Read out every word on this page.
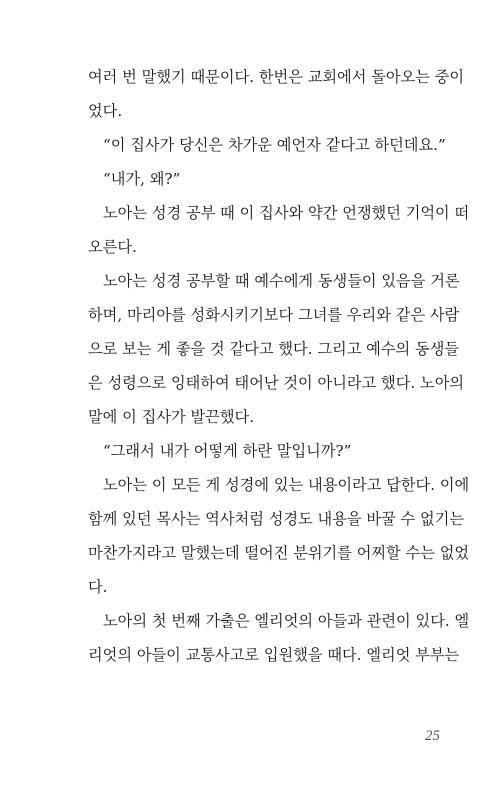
여러 번 말했기 때문이다. 한번은 교회에서 돌아오는 중이
었다.
“이 집사가 당신은 차가운 예언자 같다고 하던데요.”
“내가, 왜?”
노아는 성경 공부 때 이 집사와 약간 언쟁했던 기억이 떠
오른다.
노아는 성경 공부할 때 예수에게 동생들이 있음을 거론
하며, 마리아를 성화시키기보다 그녀를 우리와 같은 사람
으로 보는 게 좋을 것 같다고 했다. 그리고 예수의 동생들
은 성령으로 잉태하여 태어난 것이 아니라고 했다. 노아의
말에 이 집사가 발끈했다.
“그래서 내가 어떻게 하란 말입니까?”
노아는 이 모든 게 성경에 있는 내용이라고 답한다. 이에
함께 있던 목사는 역사처럼 성경도 내용을 바꿀 수 없기는
마찬가지라고 말했는데 떨어진 분위기를 어찌할 수는 없었
다.
노아의 첫 번째 가출은 엘리엇의 아들과 관련이 있다. 엘
리엇의 아들이 교통사고로 입원했을 때다. 엘리엇 부부는
25
